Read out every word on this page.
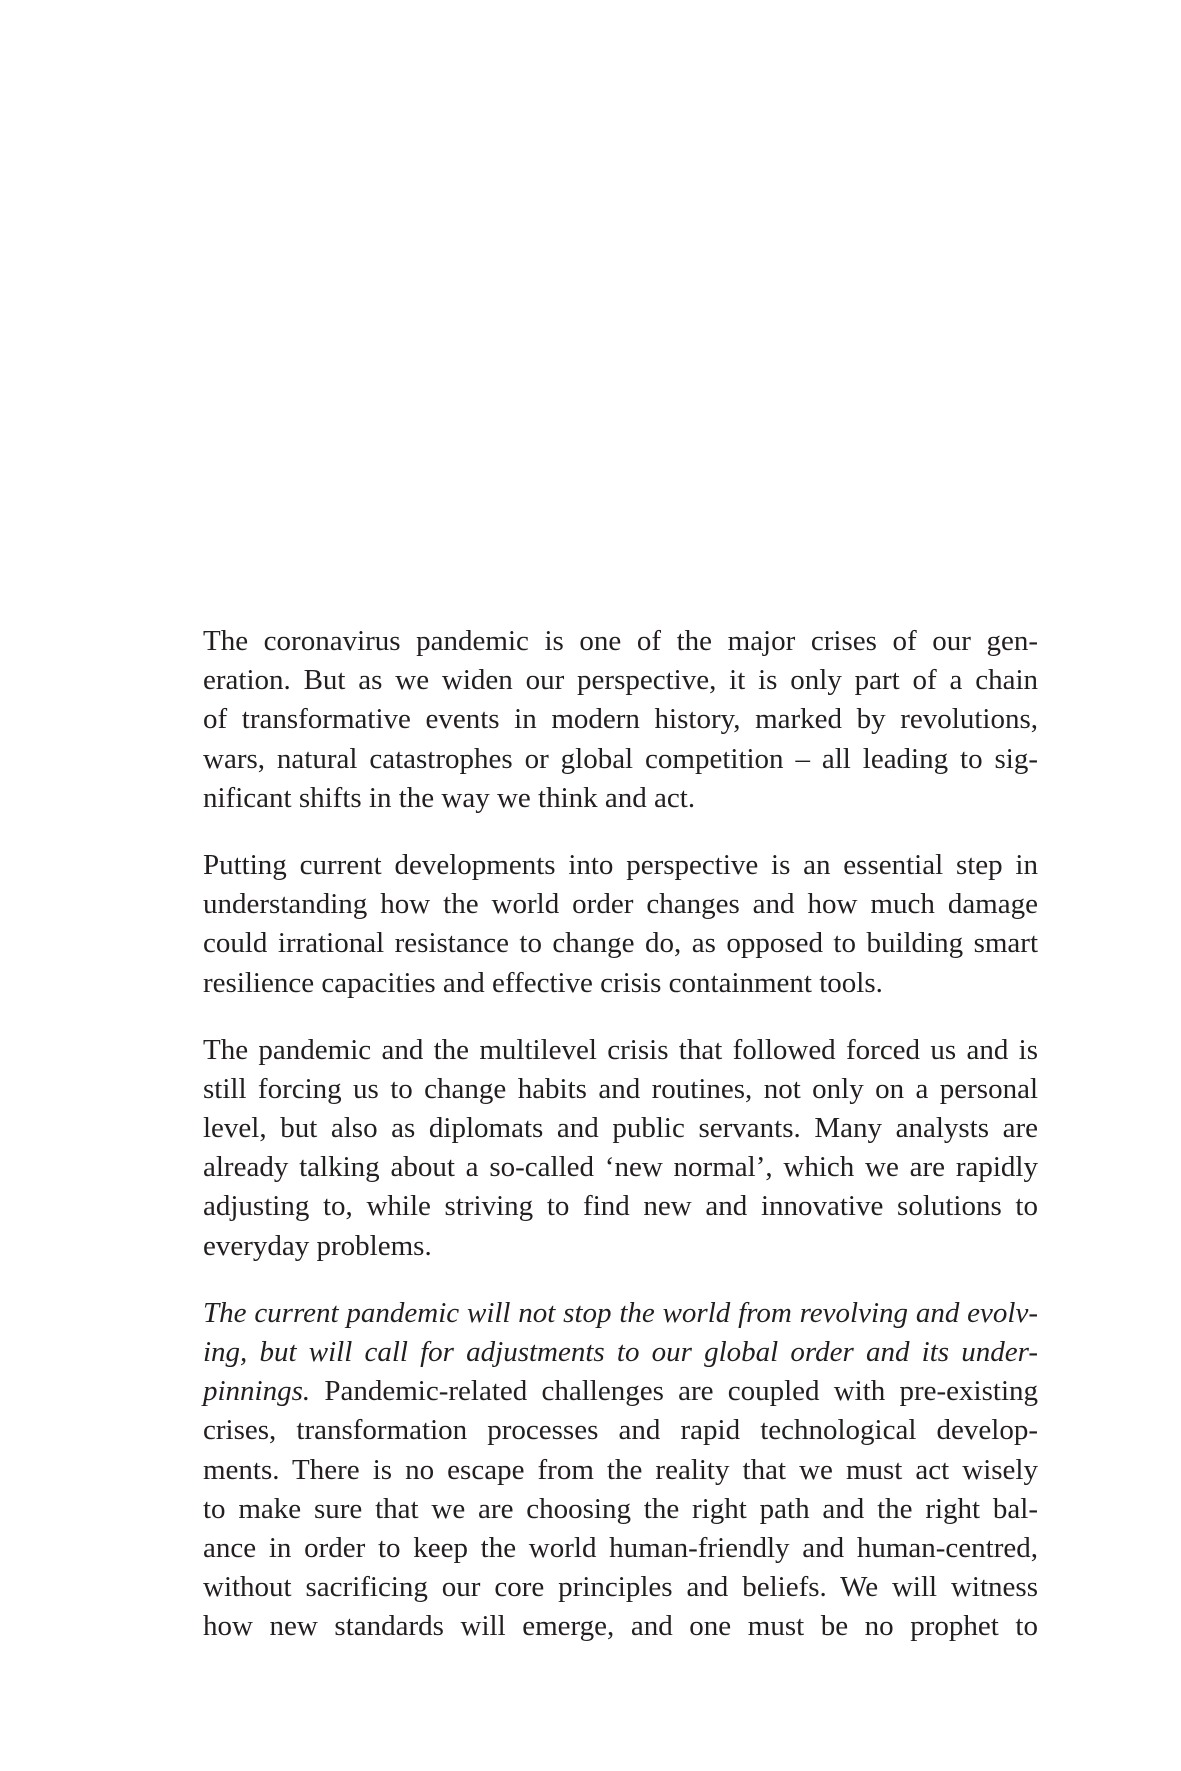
The coronavirus pandemic is one of the major crises of our gen-
eration. But as we widen our perspective, it is only part of a chain
of transformative events in modern history, marked by revolutions,
wars, natural catastrophes or global competition – all leading to sig-
nificant shifts in the way we think and act.
Putting current developments into perspective is an essential step in
understanding how the world order changes and how much damage
could irrational resistance to change do, as opposed to building smart
resilience capacities and effective crisis containment tools.
The pandemic and the multilevel crisis that followed forced us and is
still forcing us to change habits and routines, not only on a personal
level, but also as diplomats and public servants. Many analysts are
already talking about a so-called ‘new normal’, which we are rapidly
adjusting to, while striving to find new and innovative solutions to
everyday problems.
The current pandemic will not stop the world from revolving and evolv-
ing, but will call for adjustments to our global order and its under-
pinnings. Pandemic-related challenges are coupled with pre-existing
crises, transformation processes and rapid technological develop-
ments. There is no escape from the reality that we must act wisely
to make sure that we are choosing the right path and the right bal-
ance in order to keep the world human-friendly and human-centred,
without sacrificing our core principles and beliefs. We will witness
how new standards will emerge, and one must be no prophet to
